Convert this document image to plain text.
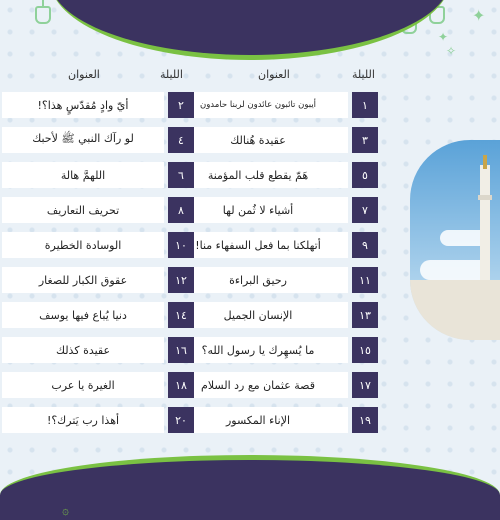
✦
✧
✦
الليلة
العنوان
الليلة
العنوان
١
أيبون تائبون عائدون لربنا حامدون
٣
عقيدة هُنالك
٥
هَمّ يقطع قلب المؤمنة
٧
أشياء لا ثُمن لها
٩
أتهلكنا بما فعل السفهاء منا!
١١
رحيق البراءة
١٣
الإنسان الجميل
١٥
ما يُسهِرك يا رسول الله؟
١٧
قصة عثمان مع رد السلام
١٩
الإناء المكسور
٢
أيّ وادٍ مُقدّسٍ هذا؟!
٤
لو رآك النبي ﷺ لأحبك
٦
اللهمَّ هالة
٨
تحريف التعاريف
١٠
الوسادة الخطيرة
١٢
عقوق الكبار للصغار
١٤
دنيا يُباع فيها يوسف
١٦
عقيدة كذلك
١٨
الغيرة يا عرب
٢٠
أهذا رب يَترك؟!
۞
